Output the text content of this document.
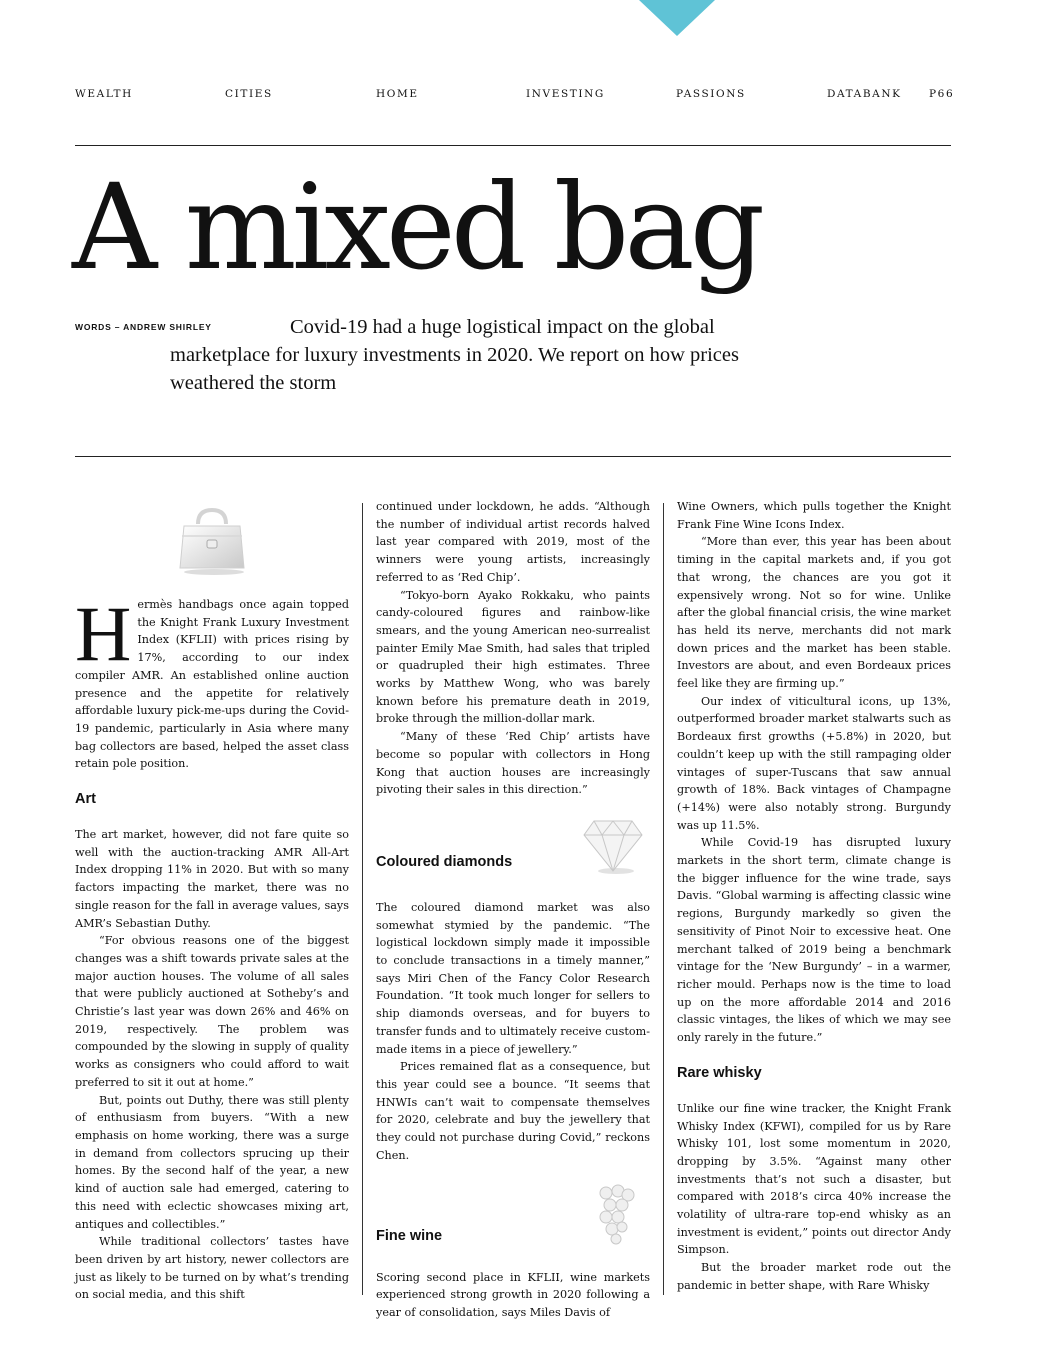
WEALTH	CITIES	HOME	INVESTING	PASSIONS	DATABANK	P66
A mixed bag
WORDS – ANDREW SHIRLEY	Covid-19 had a huge logistical impact on the global marketplace for luxury investments in 2020. We report on how prices weathered the storm

Hermès handbags once again topped the Knight Frank Luxury Investment Index (KFLII) with prices rising by 17%, according to our index compiler AMR. An established online auction presence and the appetite for relatively affordable luxury pick-me-ups during the Covid-19 pandemic, particularly in Asia where many bag collectors are based, helped the asset class retain pole position.

Art

The art market, however, did not fare quite so well with the auction-tracking AMR All-Art Index dropping 11% in 2020. But with so many factors impacting the market, there was no single reason for the fall in average values, says AMR’s Sebastian Duthy.

“For obvious reasons one of the biggest changes was a shift towards private sales at the major auction houses. The volume of all sales that were publicly auctioned at Sotheby’s and Christie’s last year was down 26% and 46% on 2019, respectively. The problem was compounded by the slowing in supply of quality works as consigners who could afford to wait preferred to sit it out at home.”

But, points out Duthy, there was still plenty of enthusiasm from buyers. “With a new emphasis on home working, there was a surge in demand from collectors sprucing up their homes. By the second half of the year, a new kind of auction sale had emerged, catering to this need with eclectic showcases mixing art, antiques and collectibles.”

While traditional collectors’ tastes have been driven by art history, newer collectors are just as likely to be turned on by what’s trending on social media, and this shift

continued under lockdown, he adds. “Although the number of individual artist records halved last year compared with 2019, most of the winners were young artists, increasingly referred to as ‘Red Chip’.

“Tokyo-born Ayako Rokkaku, who paints candy-coloured figures and rainbow-like smears, and the young American neo-surrealist painter Emily Mae Smith, had sales that tripled or quadrupled their high estimates. Three works by Matthew Wong, who was barely known before his premature death in 2019, broke through the million-dollar mark.

“Many of these ‘Red Chip’ artists have become so popular with collectors in Hong Kong that auction houses are increasingly pivoting their sales in this direction.”

Coloured diamonds

The coloured diamond market was also somewhat stymied by the pandemic. “The logistical lockdown simply made it impossible to conclude transactions in a timely manner,” says Miri Chen of the Fancy Color Research Foundation. “It took much longer for sellers to ship diamonds overseas, and for buyers to transfer funds and to ultimately receive custom-made items in a piece of jewellery.”

Prices remained flat as a consequence, but this year could see a bounce. “It seems that HNWIs can’t wait to compensate themselves for 2020, celebrate and buy the jewellery that they could not purchase during Covid,” reckons Chen.

Fine wine

Scoring second place in KFLII, wine markets experienced strong growth in 2020 following a year of consolidation, says Miles Davis of

Wine Owners, which pulls together the Knight Frank Fine Wine Icons Index.

“More than ever, this year has been about timing in the capital markets and, if you got that wrong, the chances are you got it expensively wrong. Not so for wine. Unlike after the global financial crisis, the wine market has held its nerve, merchants did not mark down prices and the market has been stable. Investors are about, and even Bordeaux prices feel like they are firming up.”

Our index of viticultural icons, up 13%, outperformed broader market stalwarts such as Bordeaux first growths (+5.8%) in 2020, but couldn’t keep up with the still rampaging older vintages of super-Tuscans that saw annual growth of 18%. Back vintages of Champagne (+14%) were also notably strong. Burgundy was up 11.5%.

While Covid-19 has disrupted luxury markets in the short term, climate change is the bigger influence for the wine trade, says Davis. “Global warming is affecting classic wine regions, Burgundy markedly so given the sensitivity of Pinot Noir to excessive heat. One merchant talked of 2019 being a benchmark vintage for the ‘New Burgundy’ – in a warmer, richer mould. Perhaps now is the time to load up on the more affordable 2014 and 2016 classic vintages, the likes of which we may see only rarely in the future.”

Rare whisky

Unlike our fine wine tracker, the Knight Frank Whisky Index (KFWI), compiled for us by Rare Whisky 101, lost some momentum in 2020, dropping by 3.5%. “Against many other investments that’s not such a disaster, but compared with 2018’s circa 40% increase the volatility of ultra-rare top-end whisky as an investment is evident,” points out director Andy Simpson.

But the broader market rode out the pandemic in better shape, with Rare Whisky
